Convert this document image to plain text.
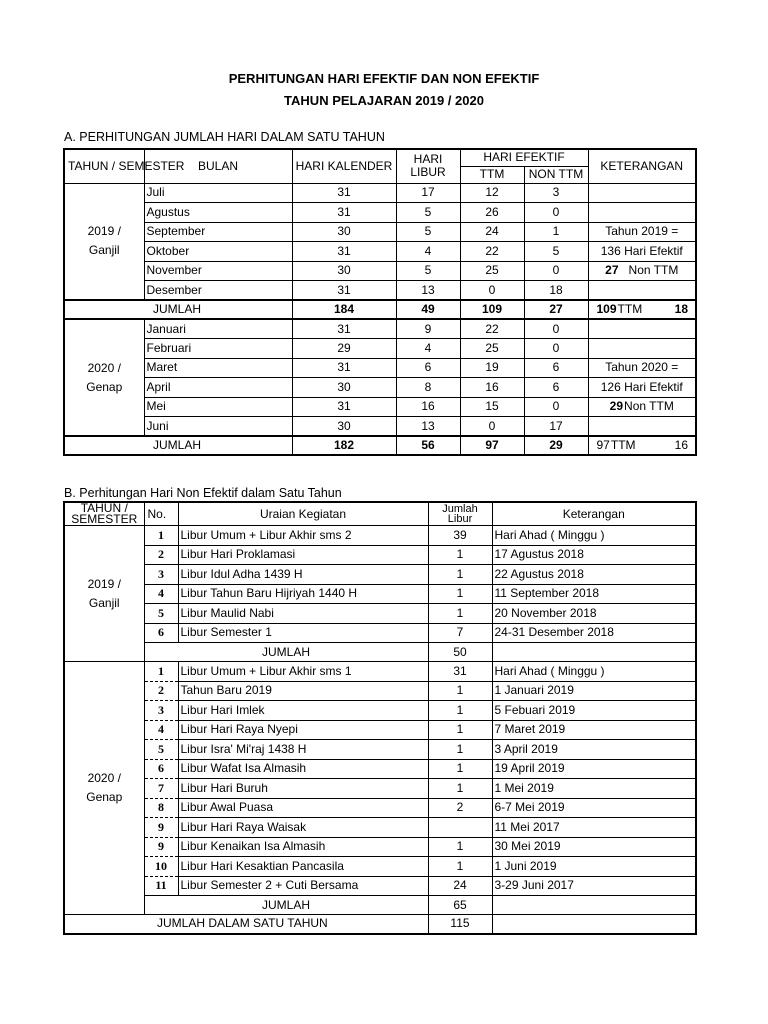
PERHITUNGAN HARI EFEKTIF DAN NON EFEKTIF
TAHUN PELAJARAN 2019 / 2020
A. PERHITUNGAN JUMLAH HARI DALAM SATU TAHUN
TAHUN / SEMESTER	BULAN	HARI KALENDER	HARI LIBUR	HARI EFEKTIF		KETERANGAN
				TTM	NON TTM	

2019 /
Ganjil	Juli	31	17	12	3	
	Agustus	31	5	26	0	
	September	30	5	24	1	Tahun 2019 =
	Oktober	31	4	22	5	136 Hari Efektif
	November	30	5	25	0	27 Non TTM
	Desember	31	13	0	18	
JUMLAH		184	49	109	27	109TTM 18

2020 /
Genap	Januari	31	9	22	0	
	Februari	29	4	25	0	
	Maret	31	6	19	6	Tahun 2020 =
	April	30	8	16	6	126 Hari Efektif
	Mei	31	16	15	0	29Non TTM
	Juni	30	13	0	17	
JUMLAH		182	56	97	29	97TTM 16
B. Perhitungan Hari Non Efektif dalam Satu Tahun
TAHUN / SEMESTER	No.	Uraian Kegiatan	Jumlah Libur	Keterangan

2019 /
Ganjil	1	Libur Umum + Libur Akhir sms 2	39	Hari Ahad ( Minggu )
	2	Libur Hari Proklamasi	1	17 Agustus 2018
	3	Libur Idul Adha 1439 H	1	22 Agustus 2018
	4	Libur Tahun Baru Hijriyah 1440 H	1	11 September 2018
	5	Libur Maulid Nabi	1	20 November 2018
	6	Libur Semester 1	7	24-31 Desember 2018
	JUMLAH		50	

2020 /
Genap	1	Libur Umum + Libur Akhir sms 1	31	Hari Ahad ( Minggu )
	2	Tahun Baru 2019	1	1 Januari 2019
	3	Libur Hari Imlek	1	5 Febuari 2019
	4	Libur Hari Raya Nyepi	1	7 Maret 2019
	5	Libur Isra' Mi'raj 1438 H	1	3 April 2019
	6	Libur Wafat Isa Almasih	1	19 April 2019
	7	Libur Hari Buruh	1	1 Mei 2019
	8	Libur Awal Puasa	2	6-7 Mei 2019
	9	Libur Hari Raya Waisak		11 Mei 2017
	9	Libur Kenaikan Isa Almasih	1	30 Mei 2019
	10	Libur Hari Kesaktian Pancasila	1	1 Juni 2019
	11	Libur Semester 2 + Cuti Bersama	24	3-29 Juni 2017
	JUMLAH		65	
JUMLAH DALAM SATU TAHUN			115	
